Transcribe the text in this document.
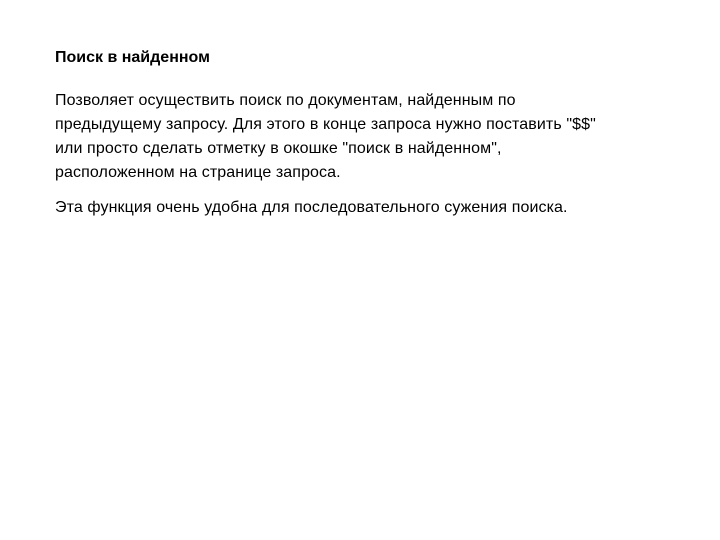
Поиск в найденном

Позволяет осуществить поиск по документам, найденным по
предыдущему запросу. Для этого в конце запроса нужно поставить "$$"
или просто сделать отметку в окошке "поиск в найденном",
расположенном на странице запроса.

Эта функция очень удобна для последовательного сужения поиска.
